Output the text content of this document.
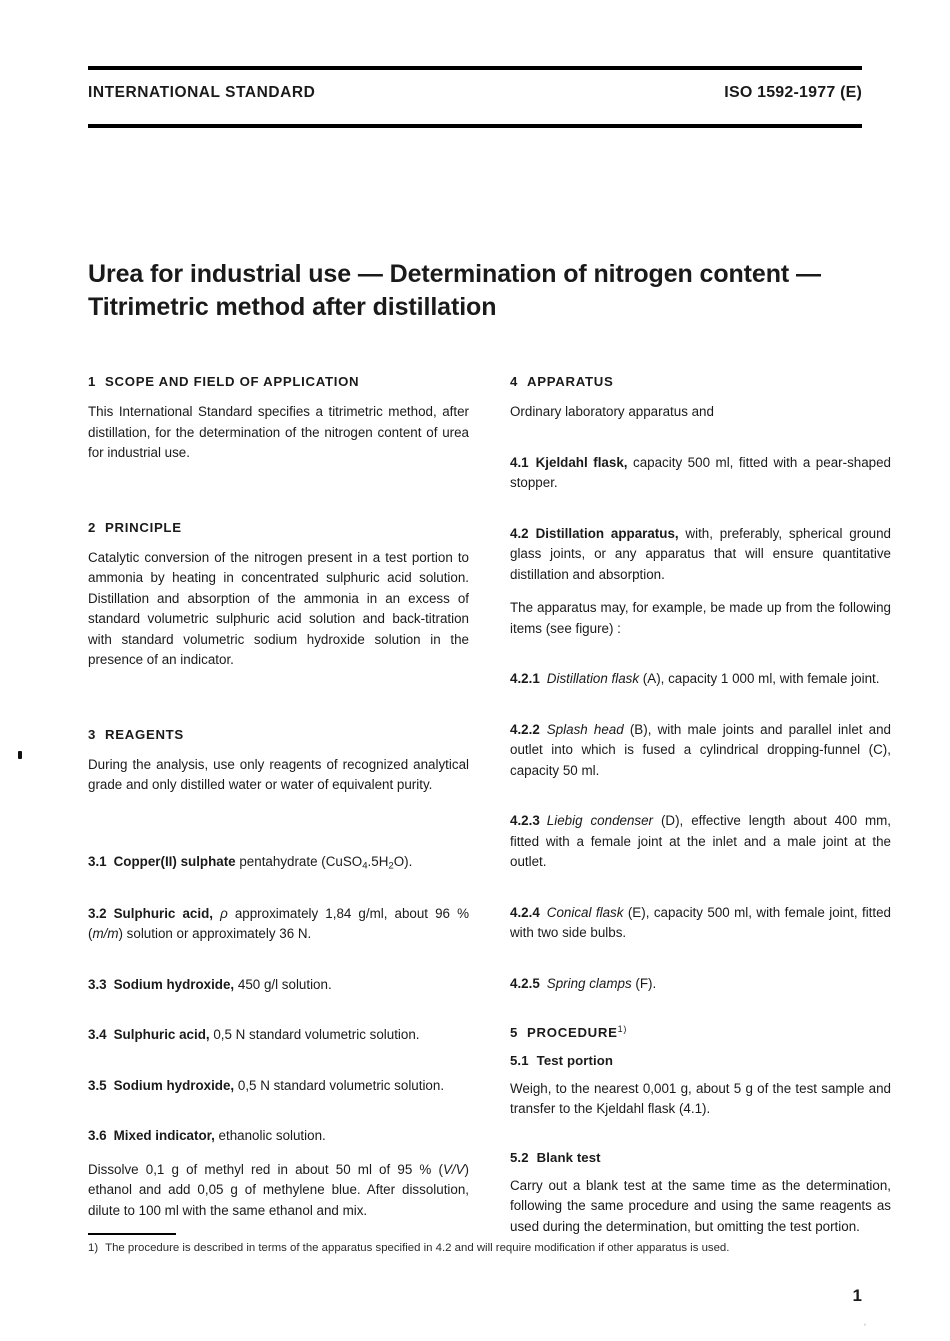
INTERNATIONAL STANDARD	ISO 1592-1977 (E)
Urea for industrial use — Determination of nitrogen content — Titrimetric method after distillation
1 SCOPE AND FIELD OF APPLICATION

This International Standard specifies a titrimetric method, after distillation, for the determination of the nitrogen content of urea for industrial use.

2 PRINCIPLE

Catalytic conversion of the nitrogen present in a test portion to ammonia by heating in concentrated sulphuric acid solution. Distillation and absorption of the ammonia in an excess of standard volumetric sulphuric acid solution and back-titration with standard volumetric sodium hydroxide solution in the presence of an indicator.

3 REAGENTS

During the analysis, use only reagents of recognized analytical grade and only distilled water or water of equivalent purity.

3.1 Copper(II) sulphate pentahydrate $(CuSO_4.5H_2O)$.

3.2 Sulphuric acid, ρ approximately 1,84 g/ml, about 96 % (m/m) solution or approximately 36 N.

3.3 Sodium hydroxide, 450 g/l solution.

3.4 Sulphuric acid, 0,5 N standard volumetric solution.

3.5 Sodium hydroxide, 0,5 N standard volumetric solution.

3.6 Mixed indicator, ethanolic solution.

Dissolve 0,1 g of methyl red in about 50 ml of 95 % (V/V) ethanol and add 0,05 g of methylene blue. After dissolution, dilute to 100 ml with the same ethanol and mix.

4 APPARATUS

Ordinary laboratory apparatus and

4.1 Kjeldahl flask, capacity 500 ml, fitted with a pear-shaped stopper.

4.2 Distillation apparatus, with, preferably, spherical ground glass joints, or any apparatus that will ensure quantitative distillation and absorption.

The apparatus may, for example, be made up from the following items (see figure) :

4.2.1 Distillation flask (A), capacity 1 000 ml, with female joint.

4.2.2 Splash head (B), with male joints and parallel inlet and outlet into which is fused a cylindrical dropping-funnel (C), capacity 50 ml.

4.2.3 Liebig condenser (D), effective length about 400 mm, fitted with a female joint at the inlet and a male joint at the outlet.

4.2.4 Conical flask (E), capacity 500 ml, with female joint, fitted with two side bulbs.

4.2.5 Spring clamps (F).

5 PROCEDURE$^{1)}$
5.1 Test portion

Weigh, to the nearest 0,001 g, about 5 g of the test sample and transfer to the Kjeldahl flask (4.1).

5.2 Blank test

Carry out a blank test at the same time as the determination, following the same procedure and using the same reagents as used during the determination, but omitting the test portion.

1) The procedure is described in terms of the apparatus specified in 4.2 and will require modification if other apparatus is used.
1
‘
